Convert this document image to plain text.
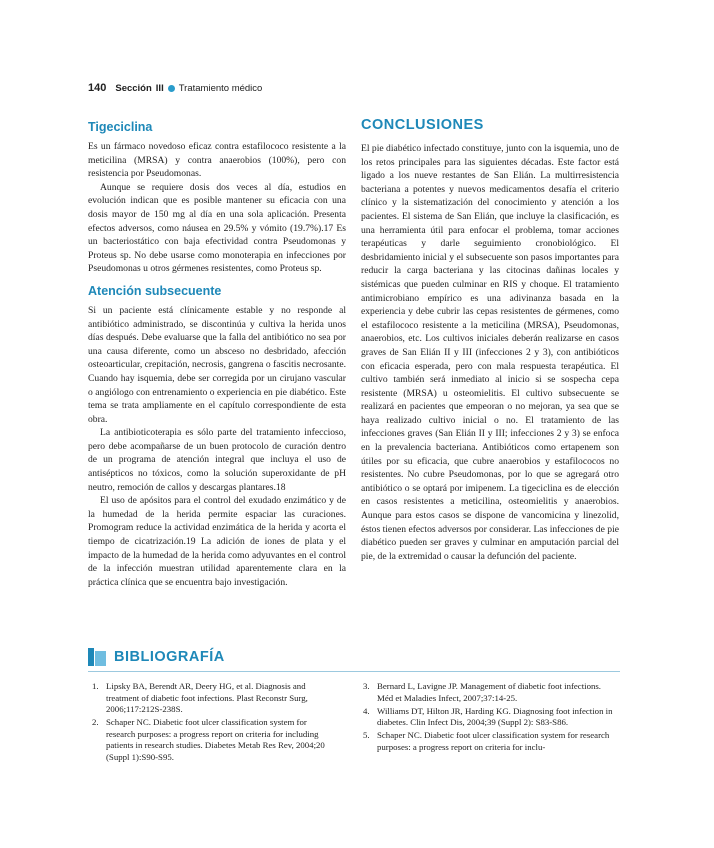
140 Sección III Tratamiento médico
Tigeciclina

Es un fármaco novedoso eficaz contra estafilococo resistente a la meticilina (MRSA) y contra anaerobios (100%), pero con resistencia por Pseudomonas.

Aunque se requiere dosis dos veces al día, estudios en evolución indican que es posible mantener su eficacia con una dosis mayor de 150 mg al día en una sola aplicación. Presenta efectos adversos, como náusea en 29.5% y vómito (19.7%).17 Es un bacteriostático con baja efectividad contra Pseudomonas y Proteus sp. No debe usarse como monoterapia en infecciones por Pseudomonas u otros gérmenes resistentes, como Proteus sp.

Atención subsecuente

Si un paciente está clínicamente estable y no responde al antibiótico administrado, se discontinúa y cultiva la herida unos días después. Debe evaluarse que la falla del antibiótico no sea por una causa diferente, como un absceso no desbridado, afección osteoarticular, crepitación, necrosis, gangrena o fascitis necrosante. Cuando hay isquemia, debe ser corregida por un cirujano vascular o angiólogo con entrenamiento o experiencia en pie diabético. Este tema se trata ampliamente en el capítulo correspondiente de esta obra.

La antibioticoterapia es sólo parte del tratamiento infeccioso, pero debe acompañarse de un buen protocolo de curación dentro de un programa de atención integral que incluya el uso de antisépticos no tóxicos, como la solución superoxidante de pH neutro, remoción de callos y descargas plantares.18

El uso de apósitos para el control del exudado enzimático y de la humedad de la herida permite espaciar las curaciones. Promogram reduce la actividad enzimática de la herida y acorta el tiempo de cicatrización.19 La adición de iones de plata y el impacto de la humedad de la herida como adyuvantes en el control de la infección muestran utilidad aparentemente clara en la práctica clínica que se encuentra bajo investigación.

CONCLUSIONES

El pie diabético infectado constituye, junto con la isquemia, uno de los retos principales para las siguientes décadas. Este factor está ligado a los nueve restantes de San Elián. La multirresistencia bacteriana a potentes y nuevos medicamentos desafía el criterio clínico y la sistematización del conocimiento y atención a los pacientes. El sistema de San Elián, que incluye la clasificación, es una herramienta útil para enfocar el problema, tomar acciones terapéuticas y darle seguimiento cronobiológico. El desbridamiento inicial y el subsecuente son pasos importantes para reducir la carga bacteriana y las citocinas dañinas locales y sistémicas que pueden culminar en RIS y choque. El tratamiento antimicrobiano empírico es una adivinanza basada en la experiencia y debe cubrir las cepas resistentes de gérmenes, como el estafilococo resistente a la meticilina (MRSA), Pseudomonas, anaerobios, etc. Los cultivos iniciales deberán realizarse en casos graves de San Elián II y III (infecciones 2 y 3), con antibióticos con eficacia esperada, pero con mala respuesta terapéutica. El cultivo también será inmediato al inicio si se sospecha cepa resistente (MRSA) u osteomielitis. El cultivo subsecuente se realizará en pacientes que empeoran o no mejoran, ya sea que se haya realizado cultivo inicial o no. El tratamiento de las infecciones graves (San Elián II y III; infecciones 2 y 3) se enfoca en la prevalencia bacteriana. Antibióticos como ertapenem son útiles por su eficacia, que cubre anaerobios y estafilococos no resistentes. No cubre Pseudomonas, por lo que se agregará otro antibiótico o se optará por imipenem. La tigeciclina es de elección en casos resistentes a meticilina, osteomielitis y anaerobios. Aunque para estos casos se dispone de vancomicina y linezolid, éstos tienen efectos adversos por considerar. Las infecciones de pie diabético pueden ser graves y culminar en amputación parcial del pie, de la extremidad o causar la defunción del paciente.

BIBLIOGRAFÍA
1. Lipsky BA, Berendt AR, Deery HG, et al. Diagnosis and treatment of diabetic foot infections. Plast Reconstr Surg, 2006;117:212S-238S.
2. Schaper NC. Diabetic foot ulcer classification system for research purposes: a progress report on criteria for including patients in research studies. Diabetes Metab Res Rev, 2004;20 (Suppl 1):S90-S95.
3. Bernard L, Lavigne JP. Management of diabetic foot infections. Méd et Maladies Infect, 2007;37:14-25.
4. Williams DT, Hilton JR, Harding KG. Diagnosing foot infection in diabetes. Clin Infect Dis, 2004;39 (Suppl 2): S83-S86.
5. Schaper NC. Diabetic foot ulcer classification system for research purposes: a progress report on criteria for inclu-
